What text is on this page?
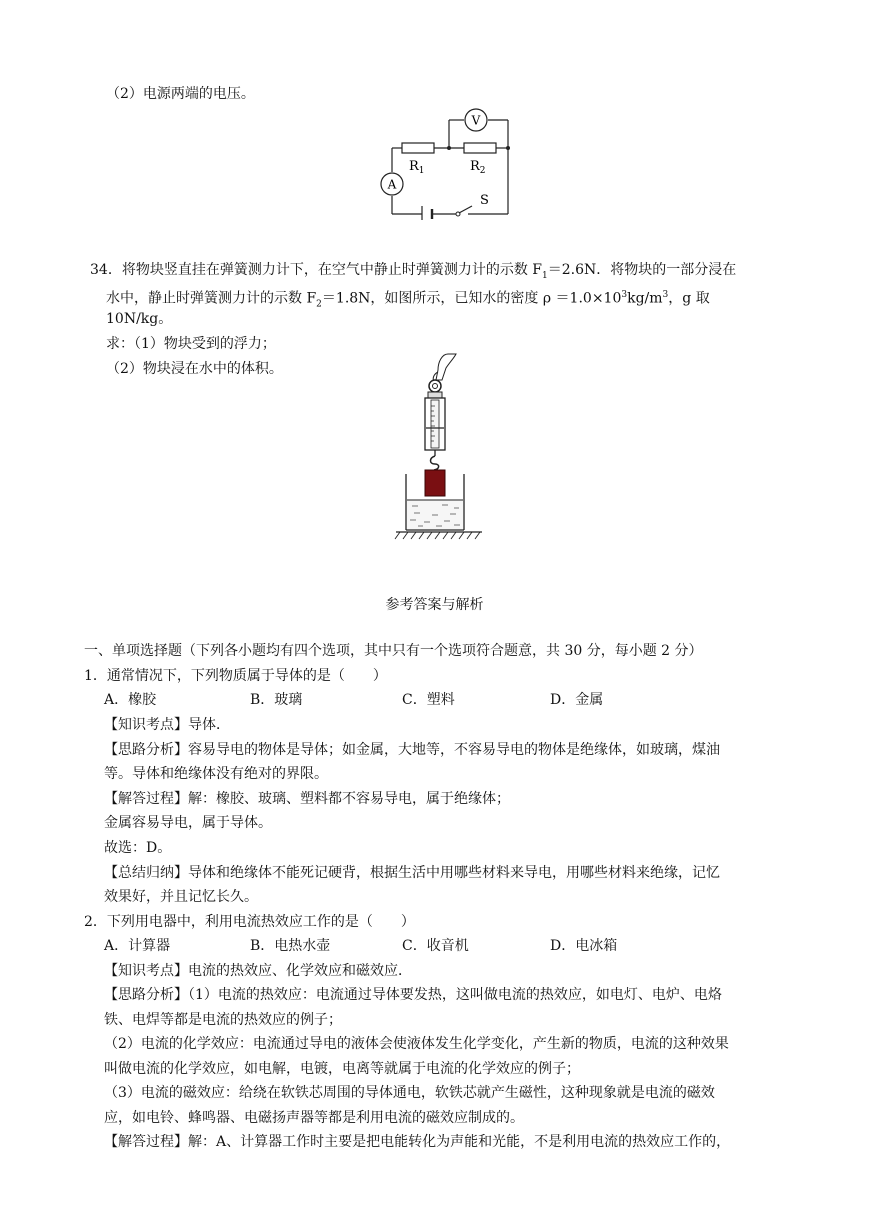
（2）电源两端的电压。
V
$R_1$	$R_2$
A
S
34．将物块竖直挂在弹簧测力计下，在空气中静止时弹簧测力计的示数 $F_1=2.6N$．将物块的一部分浸在
水中，静止时弹簧测力计的示数 $F_2=1.8N$，如图所示，已知水的密度 $\rho =1.0\times 10^3kg/m^3$，g 取
10N/kg。
求：（1）物块受到的浮力；
（2）物块浸在水中的体积。
参考答案与解析
一、单项选择题（下列各小题均有四个选项，其中只有一个选项符合题意，共 30 分，每小题 2 分）
1．通常情况下，下列物质属于导体的是（　　）
A．橡胶	B．玻璃	C．塑料	D．金属
【知识考点】导体．
【思路分析】容易导电的物体是导体；如金属，大地等，不容易导电的物体是绝缘体，如玻璃，煤油
等。导体和绝缘体没有绝对的界限。
【解答过程】解：橡胶、玻璃、塑料都不容易导电，属于绝缘体；
金属容易导电，属于导体。
故选：D。
【总结归纳】导体和绝缘体不能死记硬背，根据生活中用哪些材料来导电，用哪些材料来绝缘，记忆
效果好，并且记忆长久。
2．下列用电器中，利用电流热效应工作的是（　　）
A．计算器	B．电热水壶	C．收音机	D．电冰箱
【知识考点】电流的热效应、化学效应和磁效应．
【思路分析】（1）电流的热效应：电流通过导体要发热，这叫做电流的热效应，如电灯、电炉、电烙
铁、电焊等都是电流的热效应的例子；
（2）电流的化学效应：电流通过导电的液体会使液体发生化学变化，产生新的物质，电流的这种效果
叫做电流的化学效应，如电解，电镀，电离等就属于电流的化学效应的例子；
（3）电流的磁效应：给绕在软铁芯周围的导体通电，软铁芯就产生磁性，这种现象就是电流的磁效
应，如电铃、蜂鸣器、电磁扬声器等都是利用电流的磁效应制成的。
【解答过程】解：A、计算器工作时主要是把电能转化为声能和光能，不是利用电流的热效应工作的，
